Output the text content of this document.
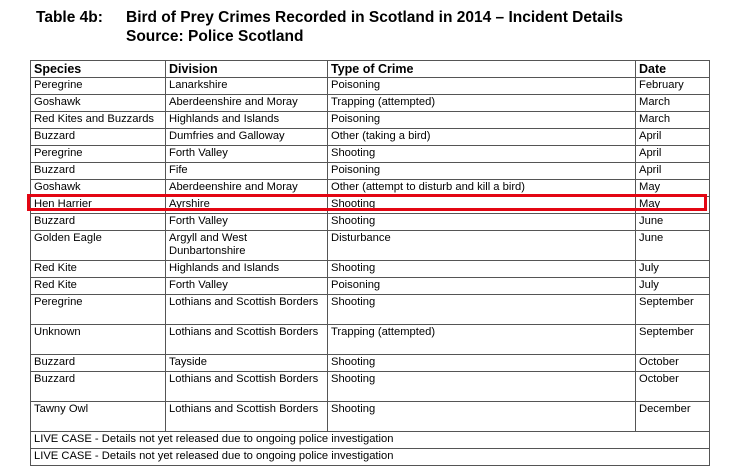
Table 4b:	Bird of Prey Crimes Recorded in Scotland in 2014 – Incident Details
Source: Police Scotland
Species	Division	Type of Crime	Date
Peregrine	Lanarkshire	Poisoning	February
Goshawk	Aberdeenshire and Moray	Trapping (attempted)	March
Red Kites and Buzzards	Highlands and Islands	Poisoning	March
Buzzard	Dumfries and Galloway	Other (taking a bird)	April
Peregrine	Forth Valley	Shooting	April
Buzzard	Fife	Poisoning	April
Goshawk	Aberdeenshire and Moray	Other (attempt to disturb and kill a bird)	May
Hen Harrier	Ayrshire	Shooting	May
Buzzard	Forth Valley	Shooting	June
Golden Eagle	Argyll and West Dunbartonshire	Disturbance	June
Red Kite	Highlands and Islands	Shooting	July
Red Kite	Forth Valley	Poisoning	July
Peregrine	Lothians and Scottish Borders	Shooting	September
Unknown	Lothians and Scottish Borders	Trapping (attempted)	September
Buzzard	Tayside	Shooting	October
Buzzard	Lothians and Scottish Borders	Shooting	October
Tawny Owl	Lothians and Scottish Borders	Shooting	December
LIVE CASE - Details not yet released due to ongoing police investigation			
LIVE CASE - Details not yet released due to ongoing police investigation			
